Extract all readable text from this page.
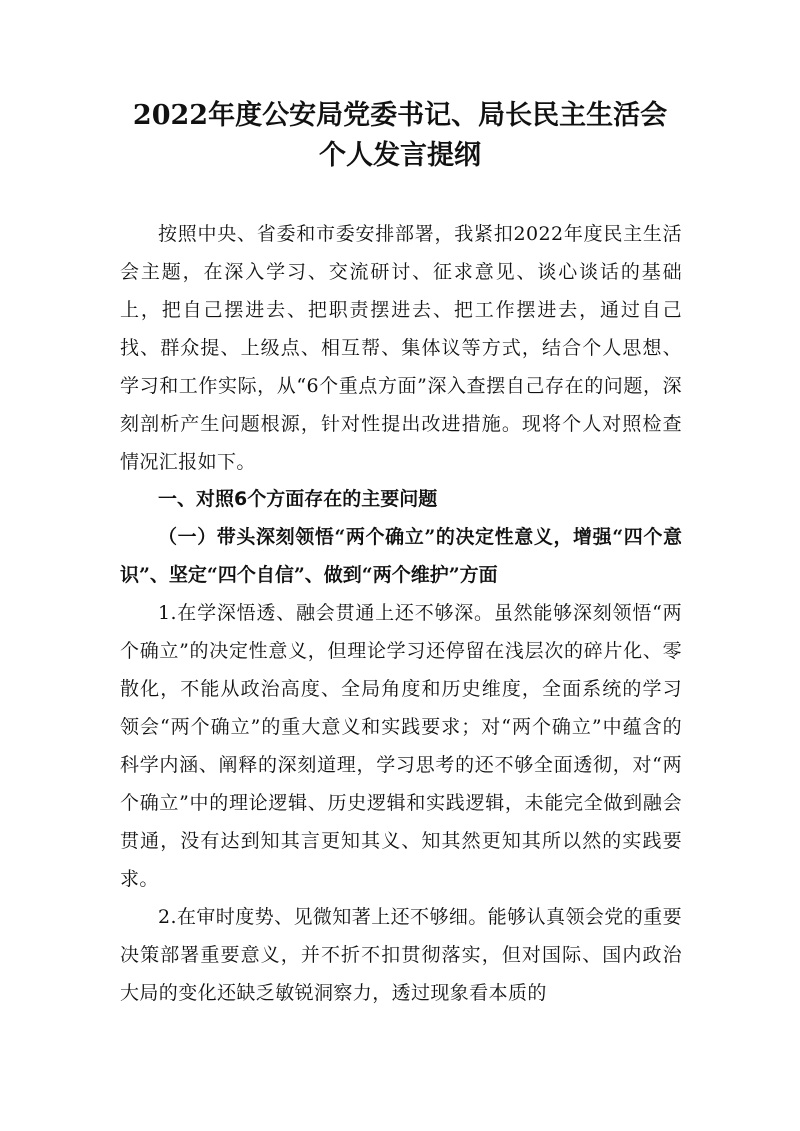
2022年度公安局党委书记、局长民主生活会
个人发言提纲

按照中央、省委和市委安排部署，我紧扣2022年度民主生活会主题，在深入学习、交流研讨、征求意见、谈心谈话的基础上，把自己摆进去、把职责摆进去、把工作摆进去，通过自己找、群众提、上级点、相互帮、集体议等方式，结合个人思想、学习和工作实际，从“6个重点方面”深入查摆自己存在的问题，深刻剖析产生问题根源，针对性提出改进措施。现将个人对照检查情况汇报如下。

一、对照6个方面存在的主要问题
（一）带头深刻领悟“两个确立”的决定性意义，增强“四个意识”、坚定“四个自信”、做到“两个维护”方面

1.在学深悟透、融会贯通上还不够深。虽然能够深刻领悟“两个确立”的决定性意义，但理论学习还停留在浅层次的碎片化、零散化，不能从政治高度、全局角度和历史维度，全面系统的学习领会“两个确立”的重大意义和实践要求；对“两个确立”中蕴含的科学内涵、阐释的深刻道理，学习思考的还不够全面透彻，对“两个确立”中的理论逻辑、历史逻辑和实践逻辑，未能完全做到融会贯通，没有达到知其言更知其义、知其然更知其所以然的实践要求。

2.在审时度势、见微知著上还不够细。能够认真领会党的重要决策部署重要意义，并不折不扣贯彻落实，但对国际、国内政治大局的变化还缺乏敏锐洞察力，透过现象看本质的
